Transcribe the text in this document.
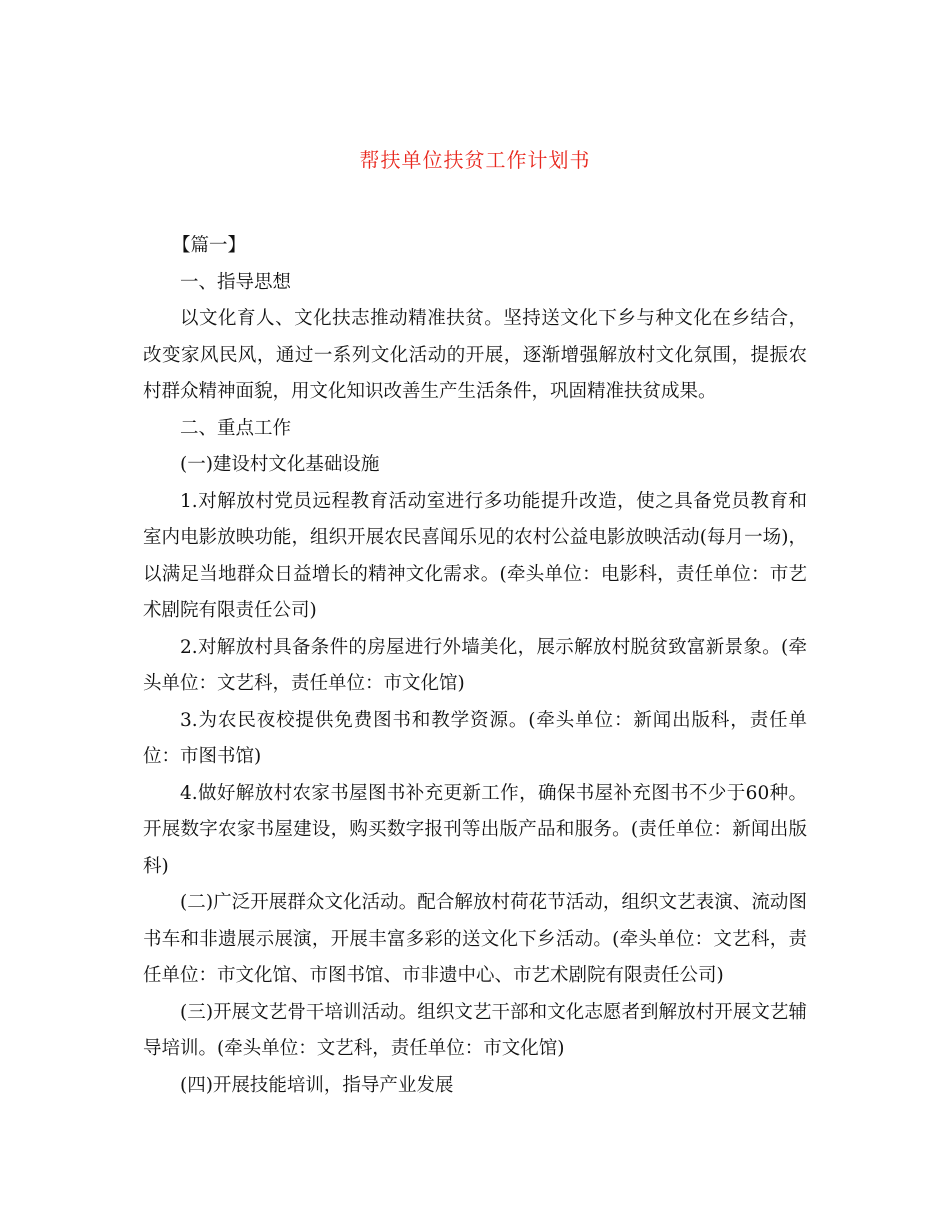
帮扶单位扶贫工作计划书

【篇一】

一、指导思想

以文化育人、文化扶志推动精准扶贫。坚持送文化下乡与种文化在乡结合，改变家风民风，通过一系列文化活动的开展，逐渐增强解放村文化氛围，提振农村群众精神面貌，用文化知识改善生产生活条件，巩固精准扶贫成果。

二、重点工作

(一)建设村文化基础设施

1.对解放村党员远程教育活动室进行多功能提升改造，使之具备党员教育和室内电影放映功能，组织开展农民喜闻乐见的农村公益电影放映活动(每月一场)，以满足当地群众日益增长的精神文化需求。(牵头单位：电影科，责任单位：市艺术剧院有限责任公司)

2.对解放村具备条件的房屋进行外墙美化，展示解放村脱贫致富新景象。(牵头单位：文艺科，责任单位：市文化馆)

3.为农民夜校提供免费图书和教学资源。(牵头单位：新闻出版科，责任单位：市图书馆)

4.做好解放村农家书屋图书补充更新工作，确保书屋补充图书不少于60种。开展数字农家书屋建设，购买数字报刊等出版产品和服务。(责任单位：新闻出版科)

(二)广泛开展群众文化活动。配合解放村荷花节活动，组织文艺表演、流动图书车和非遗展示展演，开展丰富多彩的送文化下乡活动。(牵头单位：文艺科，责任单位：市文化馆、市图书馆、市非遗中心、市艺术剧院有限责任公司)

(三)开展文艺骨干培训活动。组织文艺干部和文化志愿者到解放村开展文艺辅导培训。(牵头单位：文艺科，责任单位：市文化馆)

(四)开展技能培训，指导产业发展
